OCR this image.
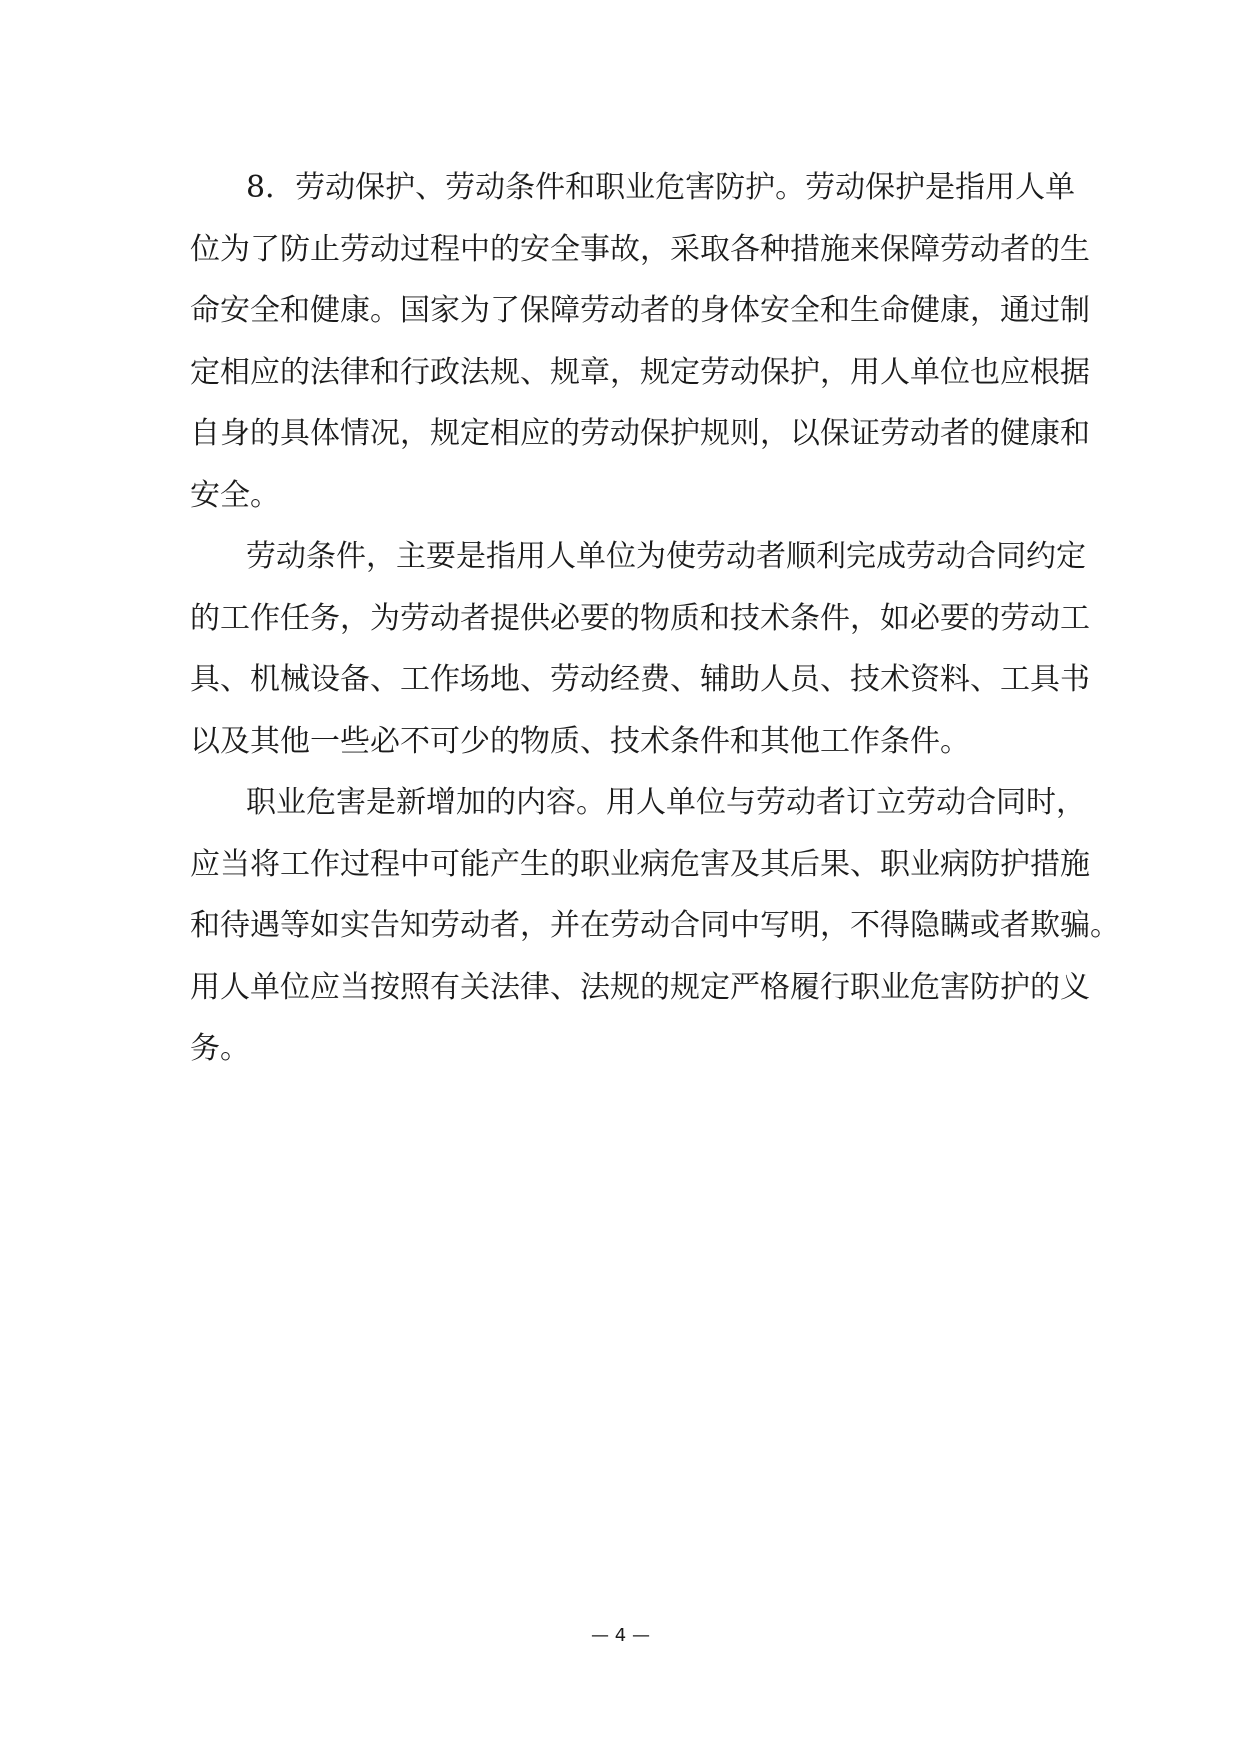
8．劳动保护、劳动条件和职业危害防护。劳动保护是指用人单
位为了防止劳动过程中的安全事故，采取各种措施来保障劳动者的生
命安全和健康。国家为了保障劳动者的身体安全和生命健康，通过制
定相应的法律和行政法规、规章，规定劳动保护，用人单位也应根据
自身的具体情况，规定相应的劳动保护规则，以保证劳动者的健康和
安全。
劳动条件，主要是指用人单位为使劳动者顺利完成劳动合同约定
的工作任务，为劳动者提供必要的物质和技术条件，如必要的劳动工
具、机械设备、工作场地、劳动经费、辅助人员、技术资料、工具书
以及其他一些必不可少的物质、技术条件和其他工作条件。
职业危害是新增加的内容。用人单位与劳动者订立劳动合同时，
应当将工作过程中可能产生的职业病危害及其后果、职业病防护措施
和待遇等如实告知劳动者，并在劳动合同中写明，不得隐瞒或者欺骗。
用人单位应当按照有关法律、法规的规定严格履行职业危害防护的义
务。
— 4 —
